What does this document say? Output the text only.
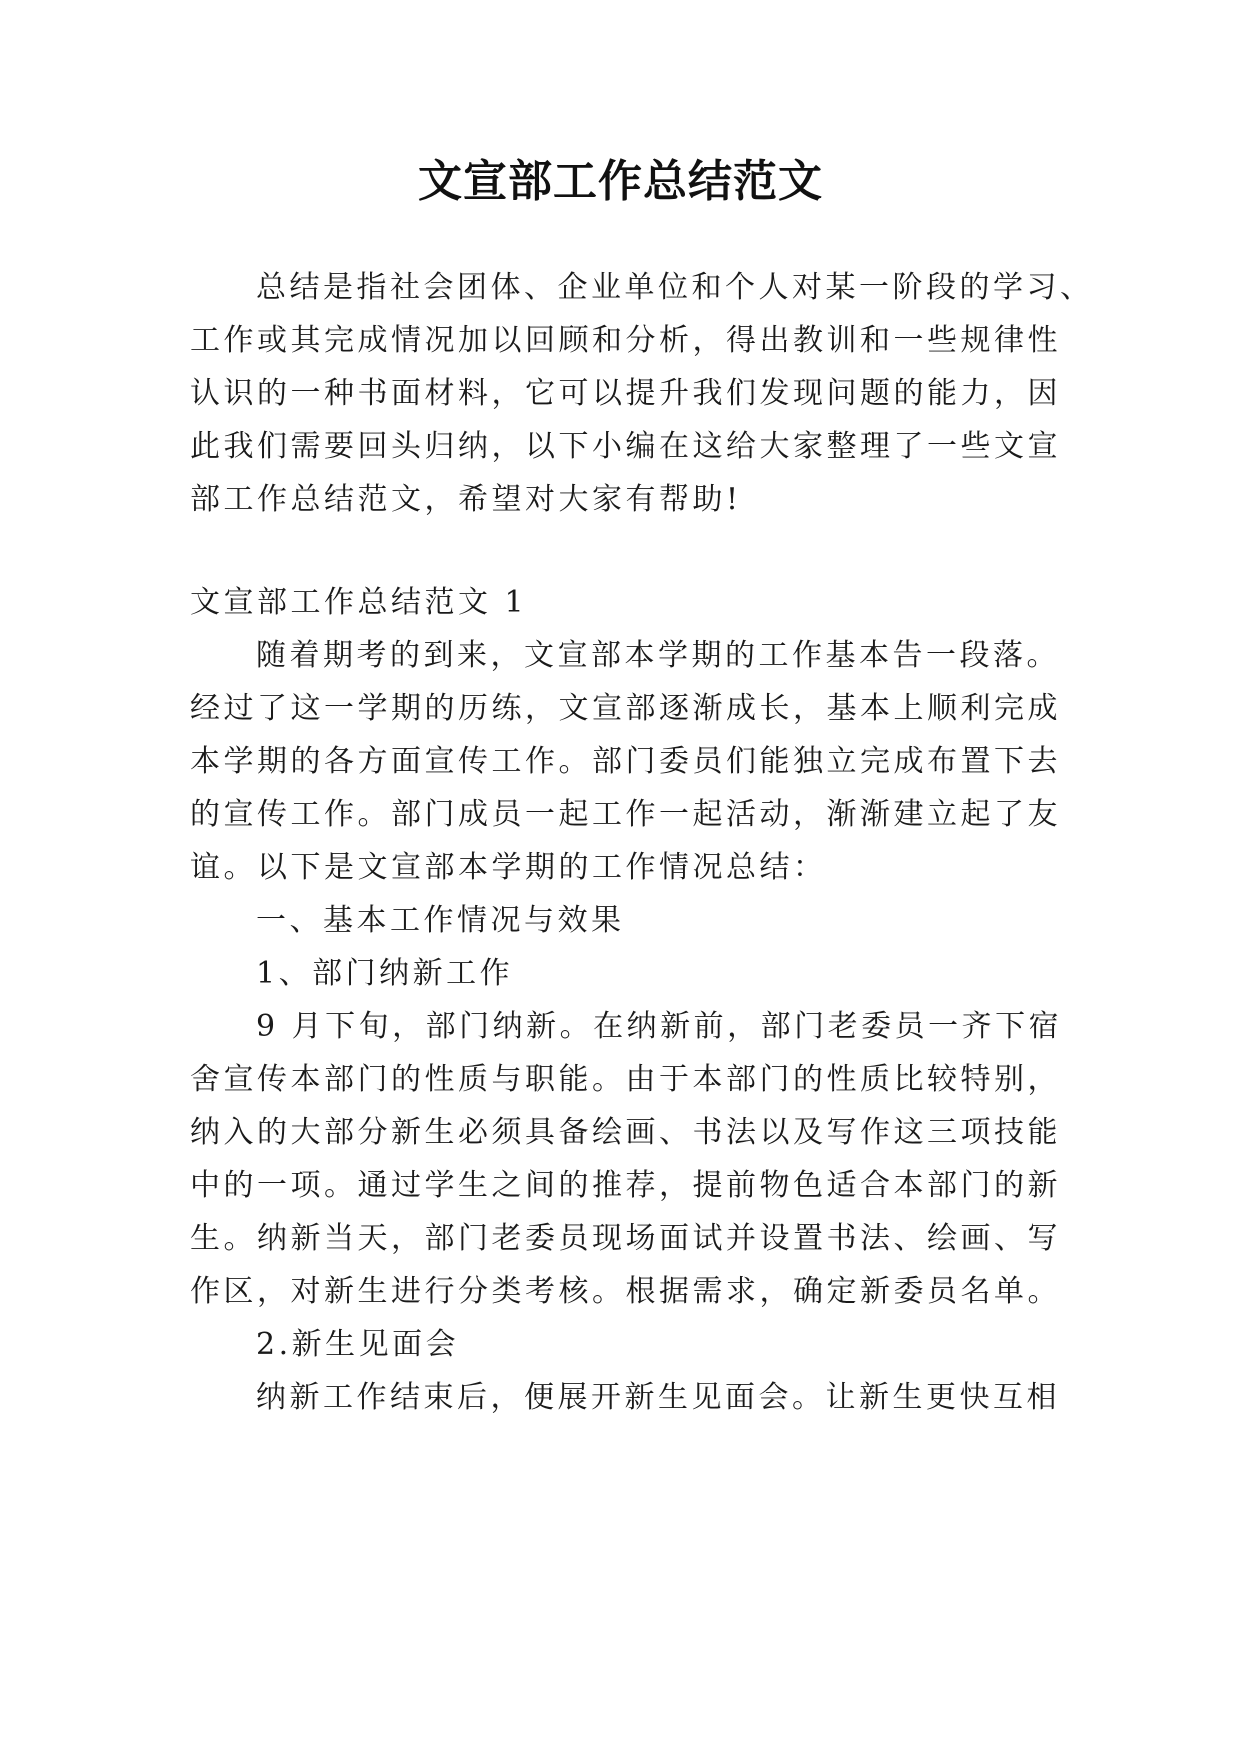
文宣部工作总结范文
总结是指社会团体、企业单位和个人对某一阶段的学习、
工作或其完成情况加以回顾和分析，得出教训和一些规律性
认识的一种书面材料，它可以提升我们发现问题的能力，因
此我们需要回头归纳，以下小编在这给大家整理了一些文宣
部工作总结范文，希望对大家有帮助!
文宣部工作总结范文 1
随着期考的到来，文宣部本学期的工作基本告一段落。
经过了这一学期的历练，文宣部逐渐成长，基本上顺利完成
本学期的各方面宣传工作。部门委员们能独立完成布置下去
的宣传工作。部门成员一起工作一起活动，渐渐建立起了友
谊。以下是文宣部本学期的工作情况总结：
一、基本工作情况与效果
1、部门纳新工作
9 月下旬，部门纳新。在纳新前，部门老委员一齐下宿
舍宣传本部门的性质与职能。由于本部门的性质比较特别，
纳入的大部分新生必须具备绘画、书法以及写作这三项技能
中的一项。通过学生之间的推荐，提前物色适合本部门的新
生。纳新当天，部门老委员现场面试并设置书法、绘画、写
作区，对新生进行分类考核。根据需求，确定新委员名单。
2.新生见面会
纳新工作结束后，便展开新生见面会。让新生更快互相
